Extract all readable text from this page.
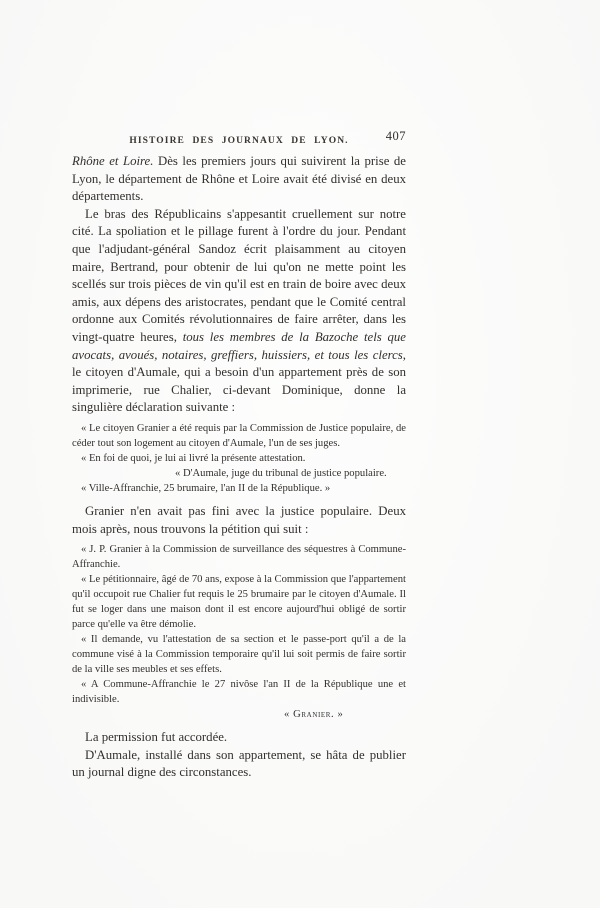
HISTOIRE DES JOURNAUX DE LYON.	407

Rhône et Loire. Dès les premiers jours qui suivirent la prise de Lyon, le département de Rhône et Loire avait été divisé en deux départements.

Le bras des Républicains s'appesantit cruellement sur notre cité. La spoliation et le pillage furent à l'ordre du jour. Pendant que l'adjudant-général Sandoz écrit plaisamment au citoyen maire, Bertrand, pour obtenir de lui qu'on ne mette point les scellés sur trois pièces de vin qu'il est en train de boire avec deux amis, aux dépens des aristocrates, pendant que le Comité central ordonne aux Comités révolutionnaires de faire arrêter, dans les vingt-quatre heures, tous les membres de la Bazoche tels que avocats, avoués, notaires, greffiers, huissiers, et tous les clercs, le citoyen d'Aumale, qui a besoin d'un appartement près de son imprimerie, rue Chalier, ci-devant Dominique, donne la singulière déclaration suivante :

« Le citoyen Granier a été requis par la Commission de Justice populaire, de céder tout son logement au citoyen d'Aumale, l'un de ses juges.

« En foi de quoi, je lui ai livré la présente attestation.

« D'Aumale, juge du tribunal de justice populaire.

« Ville-Affranchie, 25 brumaire, l'an II de la République. »

Granier n'en avait pas fini avec la justice populaire. Deux mois après, nous trouvons la pétition qui suit :

« J. P. Granier à la Commission de surveillance des séquestres à Commune-Affranchie.

« Le pétitionnaire, âgé de 70 ans, expose à la Commission que l'appartement qu'il occupoit rue Chalier fut requis le 25 brumaire par le citoyen d'Aumale. Il fut se loger dans une maison dont il est encore aujourd'hui obligé de sortir parce qu'elle va être démolie.

« Il demande, vu l'attestation de sa section et le passe-port qu'il a de la commune visé à la Commission temporaire qu'il lui soit permis de faire sortir de la ville ses meubles et ses effets.

« A Commune-Affranchie le 27 nivôse l'an II de la République une et indivisible.

« Granier. »

La permission fut accordée.

D'Aumale, installé dans son appartement, se hâta de publier un journal digne des circonstances.
